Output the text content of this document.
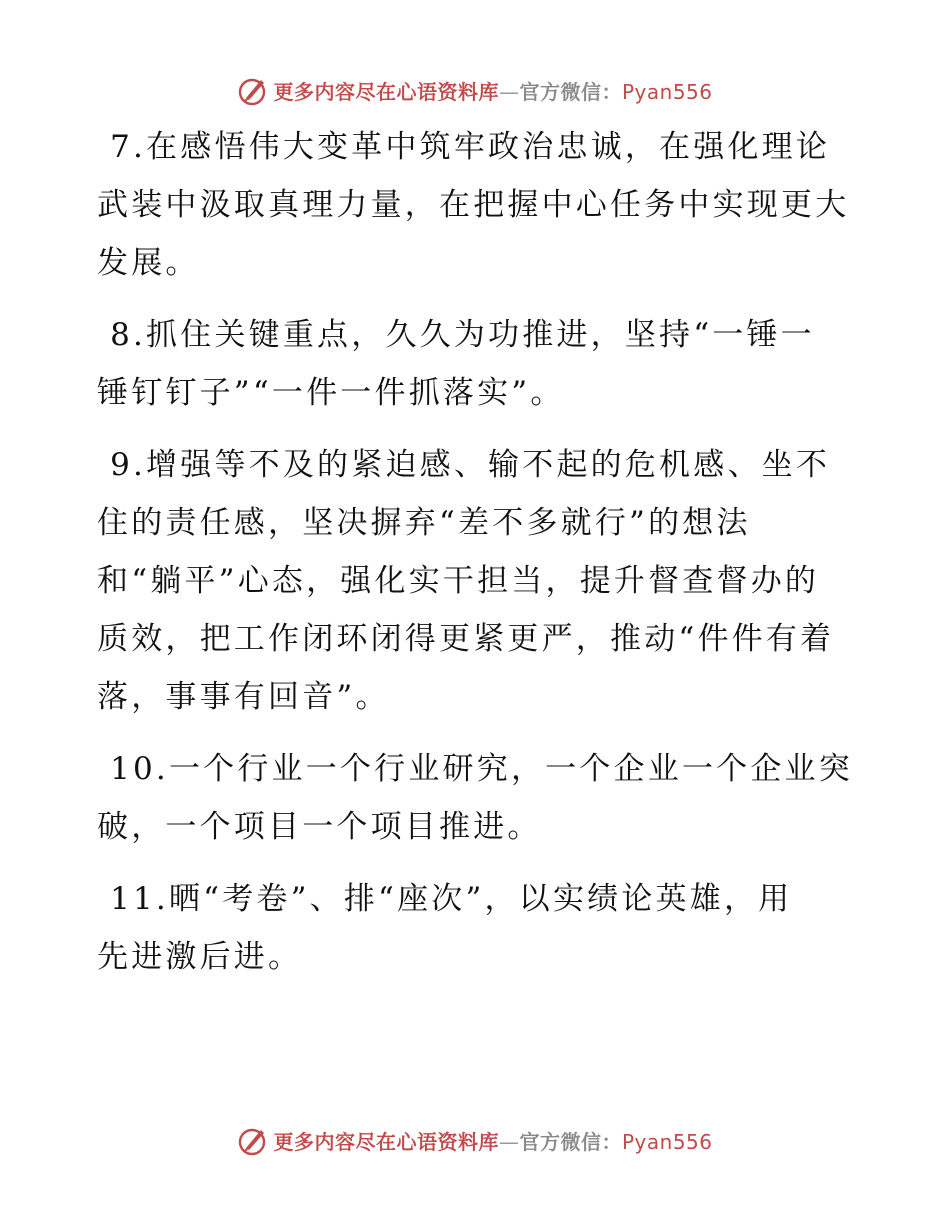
更多内容尽在心语资料库—官方微信：Pyan556

7.在感悟伟大变革中筑牢政治忠诚，在强化理论
武装中汲取真理力量，在把握中心任务中实现更大
发展。

8.抓住关键重点，久久为功推进，坚持“一锤一
锤钉钉子”“一件一件抓落实”。

9.增强等不及的紧迫感、输不起的危机感、坐不
住的责任感，坚决摒弃“差不多就行”的想法
和“躺平”心态，强化实干担当，提升督查督办的
质效，把工作闭环闭得更紧更严，推动“件件有着
落，事事有回音”。

10.一个行业一个行业研究，一个企业一个企业突
破，一个项目一个项目推进。

11.晒“考卷”、排“座次”，以实绩论英雄，用
先进激后进。

更多内容尽在心语资料库—官方微信：Pyan556
